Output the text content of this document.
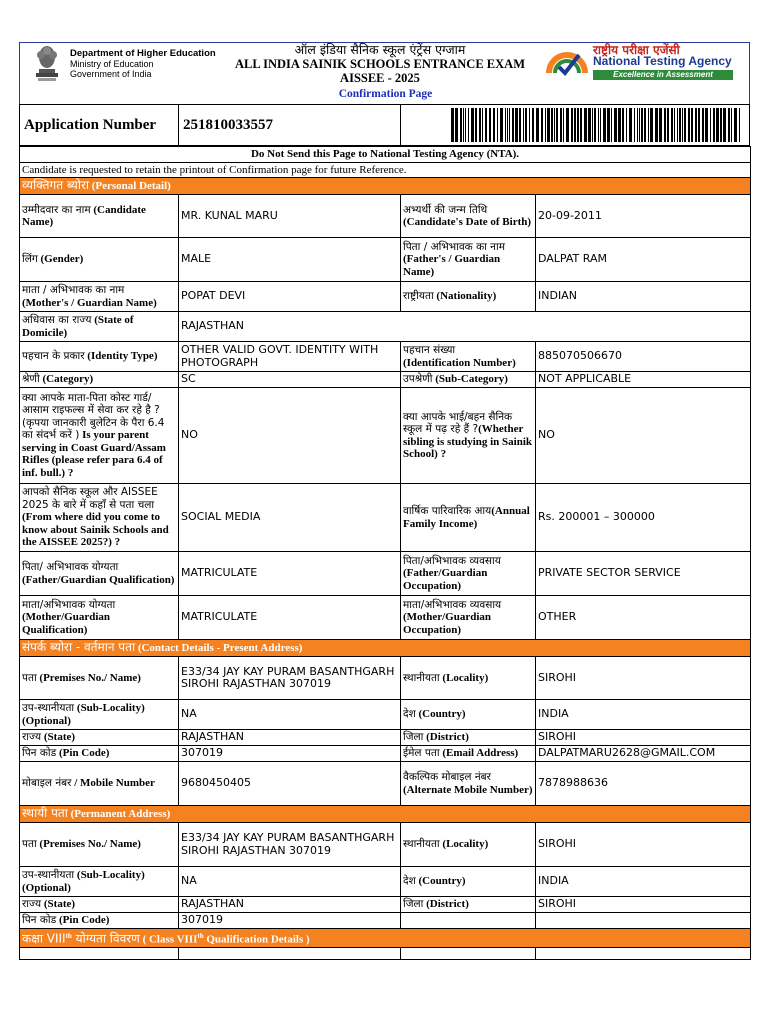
Department of Higher Education
Ministry of Education
Government of India
ऑल इंडिया सैनिक स्कूल एंट्रेंस एग्जाम
ALL INDIA SAINIK SCHOOLS ENTRANCE EXAM
AISSEE - 2025
राष्ट्रीय परीक्षा एजेंसी
National Testing Agency
Excellence in Assessment
Confirmation Page
Application Number	251810033557
Do Not Send this Page to National Testing Agency (NTA).			
Candidate is requested to retain the printout of Confirmation page for future Reference.			
व्यक्तिगत ब्योरा (Personal Detail)			
उम्मीदवार का नाम (Candidate Name)	MR. KUNAL MARU	अभ्यर्थी की जन्म तिथि
(Candidate's Date of Birth)	20-09-2011
लिंग (Gender)	MALE	पिता / अभिभावक का नाम
(Father's / Guardian Name)	DALPAT RAM
माता / अभिभावक का नाम
(Mother's / Guardian Name)	POPAT DEVI	राष्ट्रीयता (Nationality)	INDIAN
अधिवास का राज्य (State of Domicile)	RAJASTHAN		
पहचान के प्रकार (Identity Type)	OTHER VALID GOVT. IDENTITY WITH PHOTOGRAPH	पहचान संख्या
(Identification Number)	885070506670
श्रेणी (Category)	SC	उपश्रेणी (Sub-Category)	NOT APPLICABLE
क्या आपके माता-पिता कोस्ट गार्ड/आसाम राइफल्स में सेवा कर रहे है ?(कृपया जानकारी बुलेटिन के पैरा 6.4 का संदर्भ करें ) Is your parent serving in Coast Guard/Assam Rifles (please refer para 6.4 of inf. bull.) ?	NO	क्या आपके भाई/बहन सैनिक स्कूल में पढ़ रहे हैं ?(Whether sibling is studying in Sainik School) ?	NO
आपको सैनिक स्कूल और AISSEE 2025 के बारे में कहाँ से पता चला
(From where did you come to know about Sainik Schools and the AISSEE 2025?) ?	SOCIAL MEDIA	वार्षिक पारिवारिक आय(Annual Family Income)	Rs. 200001 – 300000
पिता/ अभिभावक योग्यता
(Father/Guardian Qualification)	MATRICULATE	पिता/अभिभावक व्यवसाय
(Father/Guardian Occupation)	PRIVATE SECTOR SERVICE
माता/अभिभावक योग्यता
(Mother/Guardian Qualification)	MATRICULATE	माता/अभिभावक व्यवसाय
(Mother/Guardian Occupation)	OTHER
संपर्क ब्योरा - वर्तमान पता (Contact Details - Present Address)			
पता (Premises No./ Name)	E33/34 JAY KAY PURAM BASANTHGARH SIROHI RAJASTHAN 307019	स्थानीयता (Locality)	SIROHI
उप-स्थानीयता (Sub-Locality)(Optional)	NA	देश (Country)	INDIA
राज्य (State)	RAJASTHAN	जिला (District)	SIROHI
पिन कोड (Pin Code)	307019	ईमेल पता (Email Address)	DALPATMARU2628@GMAIL.COM
मोबाइल नंबर / Mobile Number	9680450405	वैकल्पिक मोबाइल नंबर
(Alternate Mobile Number)	7878988636
स्थायी पता (Permanent Address)			
पता (Premises No./ Name)	E33/34 JAY KAY PURAM BASANTHGARH SIROHI RAJASTHAN 307019	स्थानीयता (Locality)	SIROHI
उप-स्थानीयता (Sub-Locality)(Optional)	NA	देश (Country)	INDIA
राज्य (State)	RAJASTHAN	जिला (District)	SIROHI
पिन कोड (Pin Code)	307019		
कक्षा VIIIth योग्यता विवरण ( Class VIIIth Qualification Details )			
